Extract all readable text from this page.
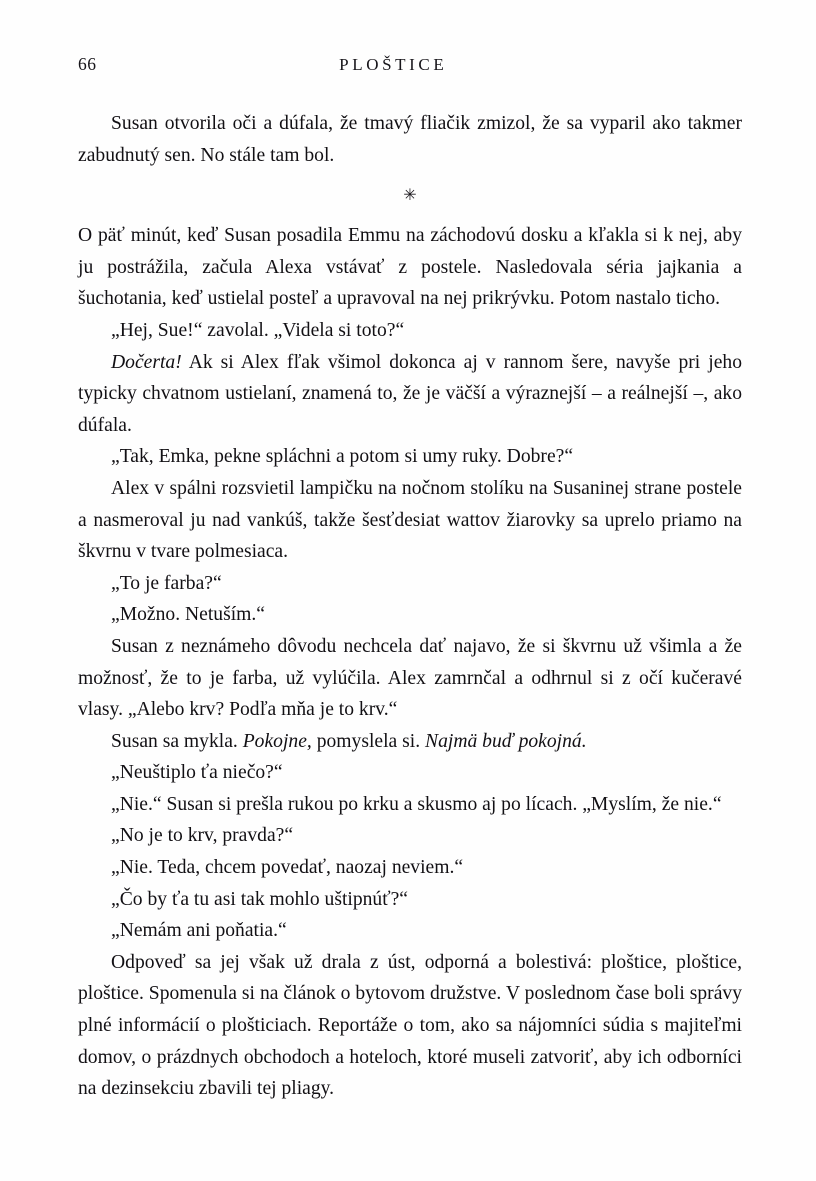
66	PLOŠTICE

Susan otvorila oči a dúfala, že tmavý fliačik zmizol, že sa vyparil ako takmer zabudnutý sen. No stále tam bol.

✳

O päť minút, keď Susan posadila Emmu na záchodovú dosku a kľakla si k nej, aby ju postrážila, začula Alexa vstávať z postele. Nasledovala séria jajkania a šuchotania, keď ustielal posteľ a upravoval na nej prikrývku. Potom nastalo ticho.

„Hej, Sue!“ zavolal. „Videla si toto?“

Dočerta! Ak si Alex fľak všimol dokonca aj v rannom šere, navyše pri jeho typicky chvatnom ustielaní, znamená to, že je väčší a výraznejší – a reálnejší –, ako dúfala.

„Tak, Emka, pekne spláchni a potom si umy ruky. Dobre?“

Alex v spálni rozsvietil lampičku na nočnom stolíku na Susaninej strane postele a nasmeroval ju nad vankúš, takže šesťdesiat wattov žiarovky sa uprelo priamo na škvrnu v tvare polmesiaca.

„To je farba?“

„Možno. Netuším.“

Susan z neznámeho dôvodu nechcela dať najavo, že si škvrnu už všimla a že možnosť, že to je farba, už vylúčila. Alex zamrnčal a odhrnul si z očí kučeravé vlasy. „Alebo krv? Podľa mňa je to krv.“

Susan sa mykla. Pokojne, pomyslela si. Najmä buď pokojná.

„Neuštiplo ťa niečo?“

„Nie.“ Susan si prešla rukou po krku a skusmo aj po lícach. „Myslím, že nie.“

„No je to krv, pravda?“

„Nie. Teda, chcem povedať, naozaj neviem.“

„Čo by ťa tu asi tak mohlo uštipnúť?“

„Nemám ani poňatia.“

Odpoveď sa jej však už drala z úst, odporná a bolestivá: ploštice, ploštice, ploštice. Spomenula si na článok o bytovom družstve. V poslednom čase boli správy plné informácií o plošticiach. Reportáže o tom, ako sa nájomníci súdia s majiteľmi domov, o prázdnych obchodoch a hoteloch, ktoré museli zatvoriť, aby ich odborníci na dezinsekciu zbavili tej pliagy.
